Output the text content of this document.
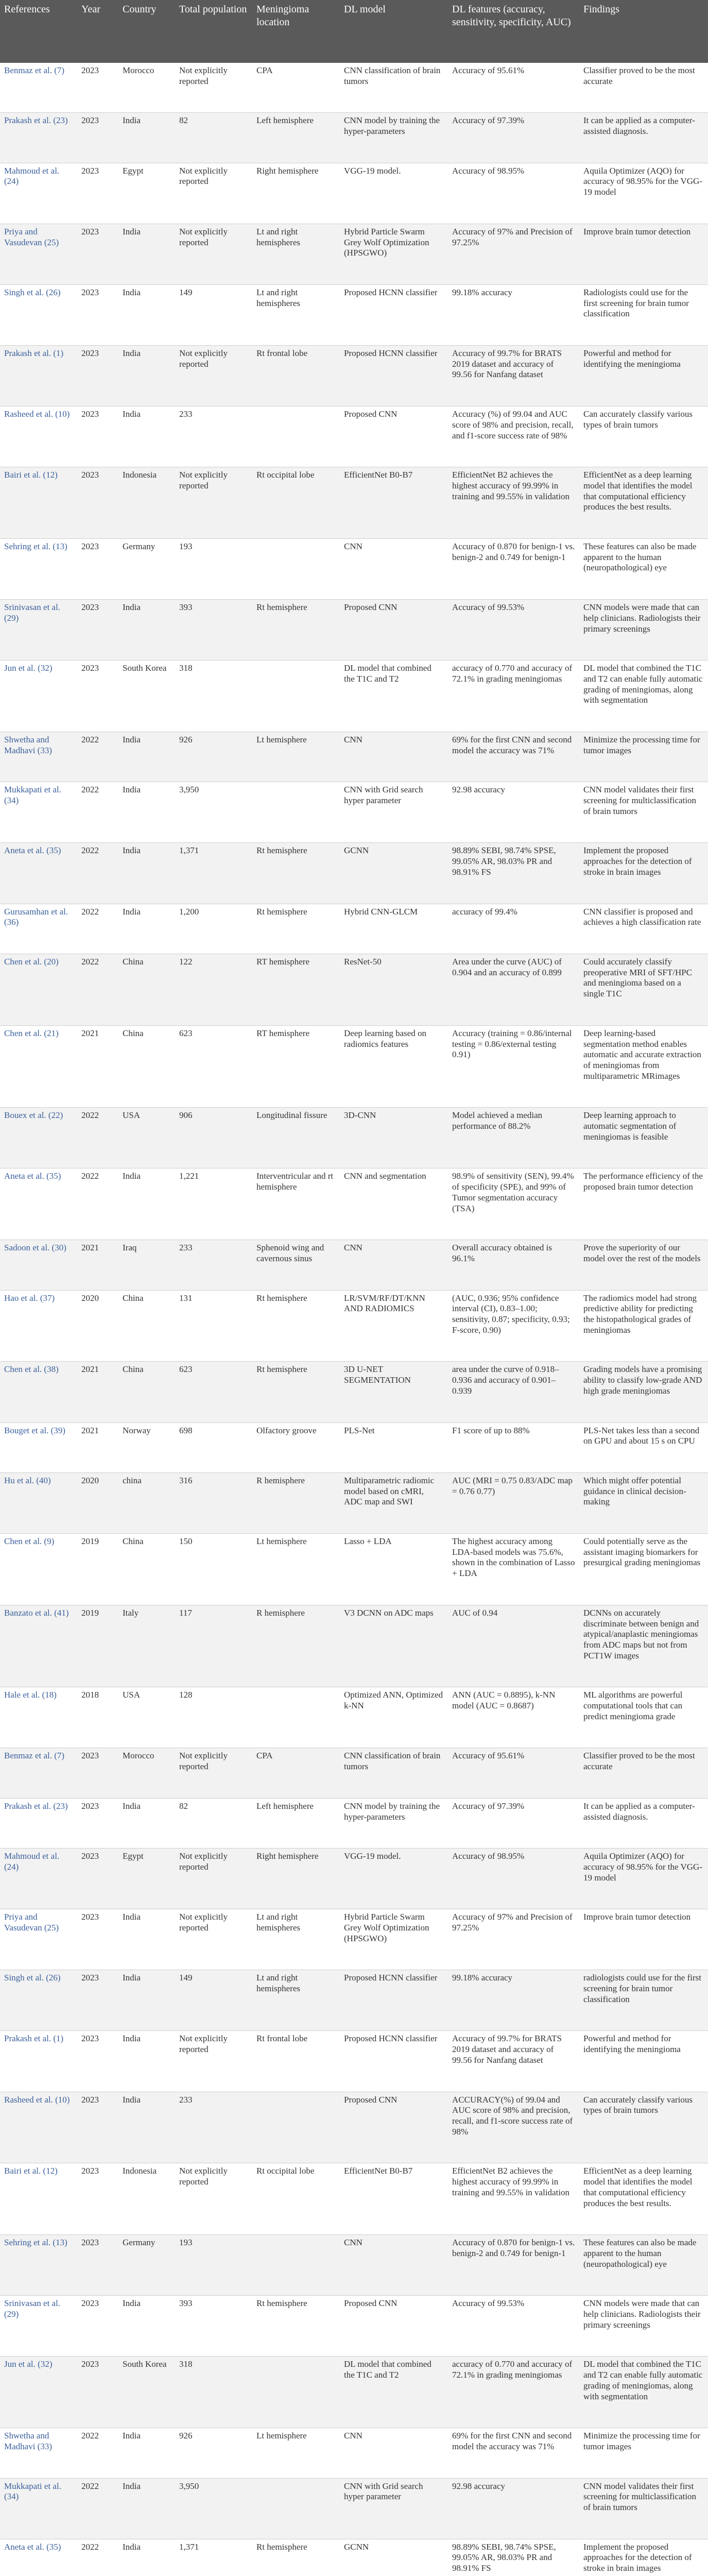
References	Year	Country	Total population	Meningioma location	DL model	DL features (accuracy, sensitivity, specificity, AUC)	Findings
Benmaz et al. (7)	2023	Morocco	Not explicitly reported	CPA	CNN classification of brain tumors	Accuracy of 95.61%	Classifier proved to be the most accurate
Prakash et al. (23)	2023	India	82	Left hemisphere	CNN model by training the hyper-parameters	Accuracy of 97.39%	It can be applied as a computer-assisted diagnosis.
Mahmoud et al. (24)	2023	Egypt	Not explicitly reported	Right hemisphere	VGG-19 model.	Accuracy of 98.95%	Aquila Optimizer (AQO) for accuracy of 98.95% for the VGG-19 model
Priya and Vasudevan (25)	2023	India	Not explicitly reported	Lt and right hemispheres	Hybrid Particle Swarm Grey Wolf Optimization (HPSGWO)	Accuracy of 97% and Precision of 97.25%	Improve brain tumor detection
Singh et al. (26)	2023	India	149	Lt and right hemispheres	Proposed HCNN classifier	99.18% accuracy	Radiologists could use for the first screening for brain tumor classification
Prakash et al. (1)	2023	India	Not explicitly reported	Rt frontal lobe	Proposed HCNN classifier	Accuracy of 99.7% for BRATS 2019 dataset and accuracy of 99.56 for Nanfang dataset	Powerful and method for identifying the meningioma
Rasheed et al. (10)	2023	India	233		Proposed CNN	Accuracy (%) of 99.04 and AUC score of 98% and precision, recall, and f1-score success rate of 98%	Can accurately classify various types of brain tumors
Bairi et al. (12)	2023	Indonesia	Not explicitly reported	Rt occipital lobe	EfficientNet B0-B7	EfficientNet B2 achieves the highest accuracy of 99.99% in training and 99.55% in validation	EfficientNet as a deep learning model that identifies the model that computational efficiency produces the best results.
Sehring et al. (13)	2023	Germany	193		CNN	Accuracy of 0.870 for benign-1 vs. benign-2 and 0.749 for benign-1	These features can also be made apparent to the human (neuropathological) eye
Srinivasan et al. (29)	2023	India	393	Rt hemisphere	Proposed CNN	Accuracy of 99.53%	CNN models were made that can help clinicians. Radiologists their primary screenings
Jun et al. (32)	2023	South Korea	318		DL model that combined the T1C and T2	accuracy of 0.770 and accuracy of 72.1% in grading meningiomas	DL model that combined the T1C and T2 can enable fully automatic grading of meningiomas, along with segmentation
Shwetha and Madhavi (33)	2022	India	926	Lt hemisphere	CNN	69% for the first CNN and second model the accuracy was 71%	Minimize the processing time for tumor images
Mukkapati et al. (34)	2022	India	3,950		CNN with Grid search hyper parameter	92.98 accuracy	CNN model validates their first screening for multiclassification of brain tumors
Aneta et al. (35)	2022	India	1,371	Rt hemisphere	GCNN	98.89% SEBI, 98.74% SPSE, 99.05% AR, 98.03% PR and 98.91% FS	Implement the proposed approaches for the detection of stroke in brain images
Gurusamhan et al. (36)	2022	India	1,200	Rt hemisphere	Hybrid CNN-GLCM	accuracy of 99.4%	CNN classifier is proposed and achieves a high classification rate
Chen et al. (20)	2022	China	122	RT hemisphere	ResNet-50	Area under the curve (AUC) of 0.904 and an accuracy of 0.899	Could accurately classify preoperative MRI of SFT/HPC and meningioma based on a single T1C
Chen et al. (21)	2021	China	623	RT hemisphere	Deep learning based on radiomics features	Accuracy (training = 0.86/internal testing = 0.86/external testing 0.91)	Deep learning-based segmentation method enables automatic and accurate extraction of meningiomas from multiparametric MRimages
Bouex et al. (22)	2022	USA	906	Longitudinal fissure	3D-CNN	Model achieved a median performance of 88.2%	Deep learning approach to automatic segmentation of meningiomas is feasible
Aneta et al. (35)	2022	India	1,221	Interventricular and rt hemisphere	CNN and segmentation	98.9% of sensitivity (SEN), 99.4% of specificity (SPE), and 99% of Tumor segmentation accuracy (TSA)	The performance efficiency of the proposed brain tumor detection
Sadoon et al. (30)	2021	Iraq	233	Sphenoid wing and cavernous sinus	CNN	Overall accuracy obtained is 96.1%	Prove the superiority of our model over the rest of the models
Hao et al. (37)	2020	China	131	Rt hemisphere	LR/SVM/RF/DT/KNN AND RADIOMICS	(AUC, 0.936; 95% confidence interval (CI), 0.83–1.00; sensitivity, 0.87; specificity, 0.93; F-score, 0.90)	The radiomics model had strong predictive ability for predicting the histopathological grades of meningiomas
Chen et al. (38)	2021	China	623	Rt hemisphere	3D U-NET SEGMENTATION	area under the curve of 0.918–0.936 and accuracy of 0.901–0.939	Grading models have a promising ability to classify low-grade AND high grade meningiomas
Bouget et al. (39)	2021	Norway	698	Olfactory groove	PLS-Net	F1 score of up to 88%	PLS-Net takes less than a second on GPU and about 15 s on CPU
Hu et al. (40)	2020	china	316	R hemisphere	Multiparametric radiomic model based on cMRI, ADC map and SWI	AUC (MRI = 0.75 0.83/ADC map = 0.76 0.77)	Which might offer potential guidance in clinical decision-making
Chen et al. (9)	2019	China	150	Lt hemisphere	Lasso + LDA	The highest accuracy among LDA-based models was 75.6%, shown in the combination of Lasso + LDA	Could potentially serve as the assistant imaging biomarkers for presurgical grading meningiomas
Banzato et al. (41)	2019	Italy	117	R hemisphere	V3 DCNN on ADC maps	AUC of 0.94	DCNNs on accurately discriminate between benign and atypical/anaplastic meningiomas from ADC maps but not from PCT1W images
Hale et al. (18)	2018	USA	128		Optimized ANN, Optimized k-NN	ANN (AUC = 0.8895), k-NN model (AUC = 0.8687)	ML algorithms are powerful computational tools that can predict meningioma grade
Benmaz et al. (7)	2023	Morocco	Not explicitly reported	CPA	CNN classification of brain tumors	Accuracy of 95.61%	Classifier proved to be the most accurate
Prakash et al. (23)	2023	India	82	Left hemisphere	CNN model by training the hyper-parameters	Accuracy of 97.39%	It can be applied as a computer-assisted diagnosis.
Mahmoud et al. (24)	2023	Egypt	Not explicitly reported	Right hemisphere	VGG-19 model.	Accuracy of 98.95%	Aquila Optimizer (AQO) for accuracy of 98.95% for the VGG-19 model
Priya and Vasudevan (25)	2023	India	Not explicitly reported	Lt and right hemispheres	Hybrid Particle Swarm Grey Wolf Optimization (HPSGWO)	Accuracy of 97% and Precision of 97.25%	Improve brain tumor detection
Singh et al. (26)	2023	India	149	Lt and right hemispheres	Proposed HCNN classifier	99.18% accuracy	radiologists could use for the first screening for brain tumor classification
Prakash et al. (1)	2023	India	Not explicitly reported	Rt frontal lobe	Proposed HCNN classifier	Accuracy of 99.7% for BRATS 2019 dataset and accuracy of 99.56 for Nanfang dataset	Powerful and method for identifying the meningioma
Rasheed et al. (10)	2023	India	233		Proposed CNN	ACCURACY(%) of 99.04 and AUC score of 98% and precision, recall, and f1-score success rate of 98%	Can accurately classify various types of brain tumors
Bairi et al. (12)	2023	Indonesia	Not explicitly reported	Rt occipital lobe	EfficientNet B0-B7	EfficientNet B2 achieves the highest accuracy of 99.99% in training and 99.55% in validation	EfficientNet as a deep learning model that identifies the model that computational efficiency produces the best results.
Sehring et al. (13)	2023	Germany	193		CNN	Accuracy of 0.870 for benign-1 vs. benign-2 and 0.749 for benign-1	These features can also be made apparent to the human (neuropathological) eye
Srinivasan et al. (29)	2023	India	393	Rt hemisphere	Proposed CNN	Accuracy of 99.53%	CNN models were made that can help clinicians. Radiologists their primary screenings
Jun et al. (32)	2023	South Korea	318		DL model that combined the T1C and T2	accuracy of 0.770 and accuracy of 72.1% in grading meningiomas	DL model that combined the T1C and T2 can enable fully automatic grading of meningiomas, along with segmentation
Shwetha and Madhavi (33)	2022	India	926	Lt hemisphere	CNN	69% for the first CNN and second model the accuracy was 71%	Minimize the processing time for tumor images
Mukkapati et al. (34)	2022	India	3,950		CNN with Grid search hyper parameter	92.98 accuracy	CNN model validates their first screening for multiclassification of brain tumors
Aneta et al. (35)	2022	India	1,371	Rt hemisphere	GCNN	98.89% SEBI, 98.74% SPSE, 99.05% AR, 98.03% PR and 98.91% FS	Implement the proposed approaches for the detection of stroke in brain images
